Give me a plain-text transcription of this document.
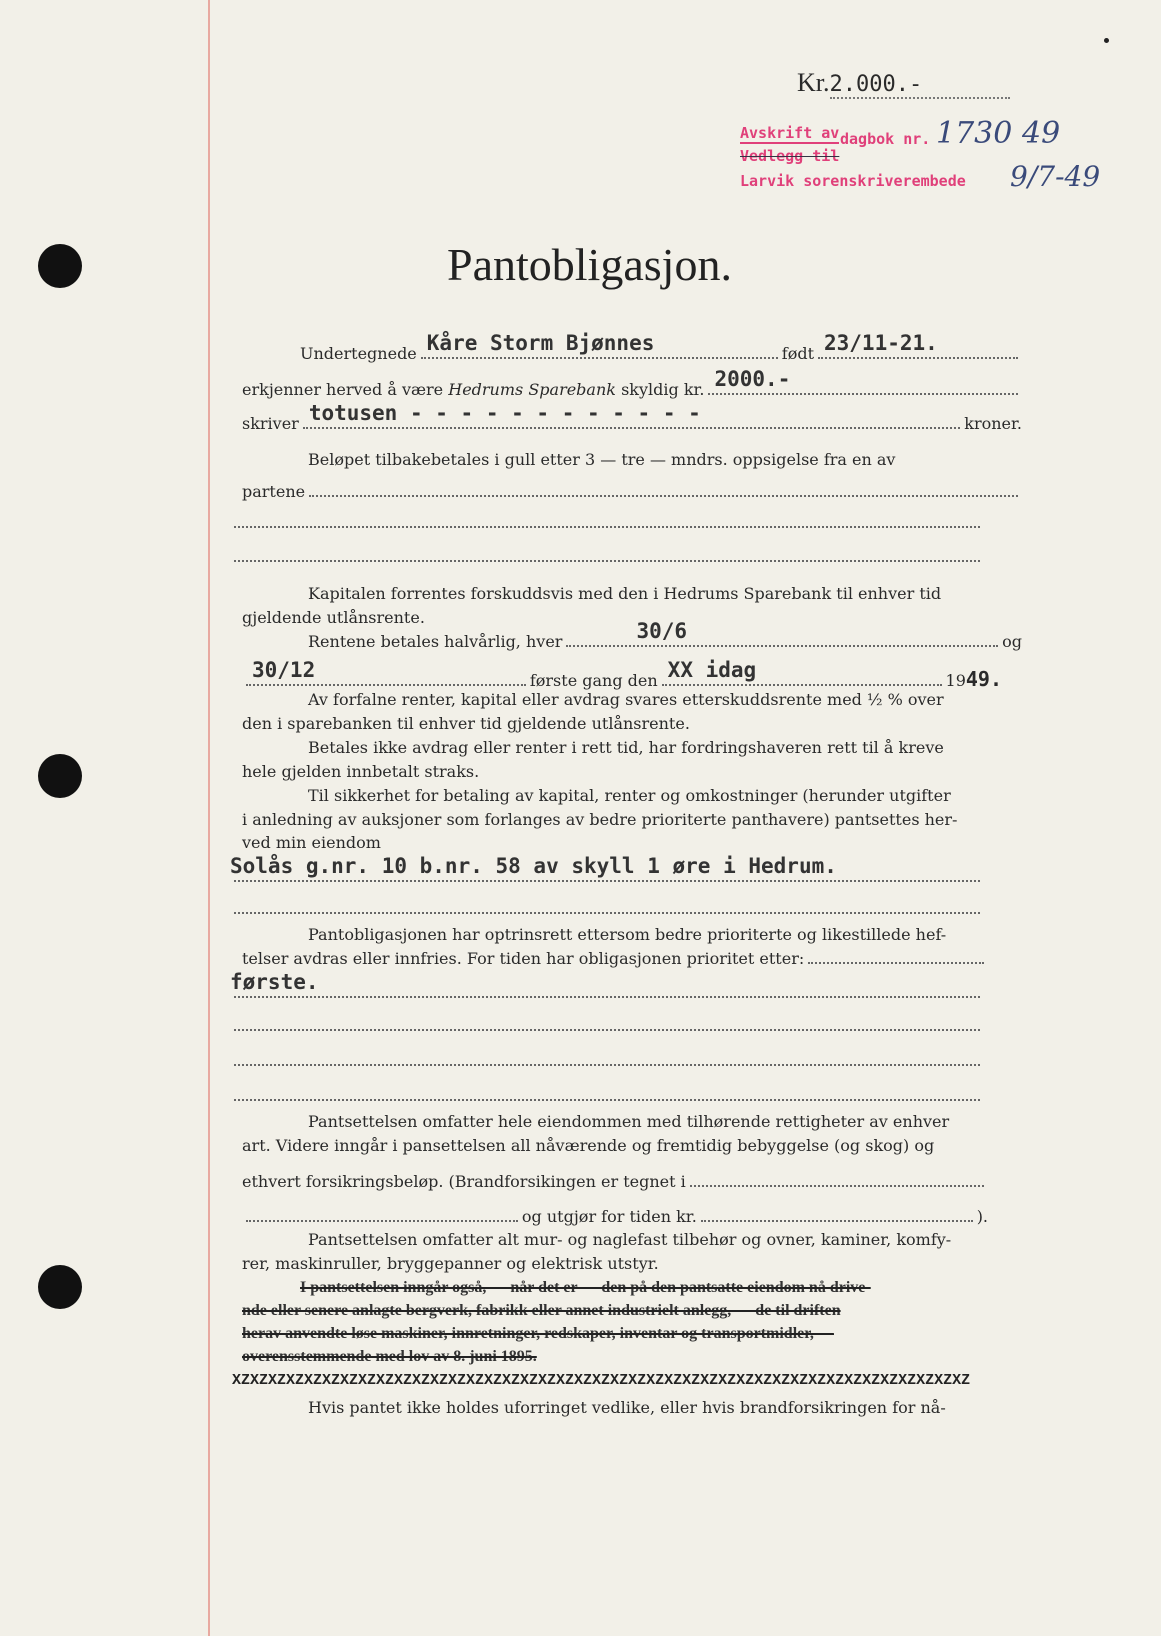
Kr. 2.000.-
Avskrift av
Vedlegg til
dagbok nr.
Larvik sorenskriverembede
1730 49
9/7-49
Pantobligasjon.
Undertegnede Kåre Storm Bjønnes	født 23/11-21.
erkjenner herved å være
Hedrums Sparebank
skyldig kr. 2000.-
skriver totusen - - - - - - - - - - - -	kroner.
Beløpet tilbakebetales i gull etter 3 — tre — mndrs. oppsigelse fra en av
partene
Kapitalen forrentes forskuddsvis med den i Hedrums Sparebank til enhver tid
gjeldende utlånsrente.
Rentene betales halvårlig, hver	30/6	og
30/12	første gang den XX idag	19 49.
Av forfalne renter, kapital eller avdrag svares etterskuddsrente med ½ % over
den i sparebanken til enhver tid gjeldende utlånsrente.
Betales ikke avdrag eller renter i rett tid, har fordringshaveren rett til å kreve
hele gjelden innbetalt straks.
Til sikkerhet for betaling av kapital, renter og omkostninger (herunder utgifter
i anledning av auksjoner som forlanges av bedre prioriterte panthavere) pantsettes her-
ved min eiendom
Solås g.nr. 10 b.nr. 58 av skyll 1 øre i Hedrum.
Pantobligasjonen har optrinsrett ettersom bedre prioriterte og likestillede hef-
telser avdras eller innfries. For tiden har obligasjonen prioritet etter:
første.
Pantsettelsen omfatter hele eiendommen med tilhørende rettigheter av enhver
art. Videre inngår i pansettelsen all nåværende og fremtidig bebyggelse (og skog) og
ethvert forsikringsbeløp. (Brandforsikingen er tegnet i
og utgjør for tiden kr.	).
Pantsettelsen omfatter alt mur- og naglefast tilbehør og ovner, kaminer, komfy-
rer, maskinruller, bryggepanner og elektrisk utstyr.
I pantsettelsen inngår også, — når det er — den på den pantsatte eiendom nå drive-
nde eller senere anlagte bergverk, fabrikk eller annet industrielt anlegg, — de til driften
herav anvendte løse maskiner, innretninger, redskaper, inventar og transportmidler, —
overensstemmende med lov av 8. juni 1895.
XZXZXZXZXZXZXZXZXZXZXZXZXZXZXZXZXZXZXZXZXZXZXZXZXZXZXZXZXZXZXZXZXZXZXZXZXZXZXZXZXZ
Hvis pantet ikke holdes uforringet vedlike, eller hvis brandforsikringen for nå-
